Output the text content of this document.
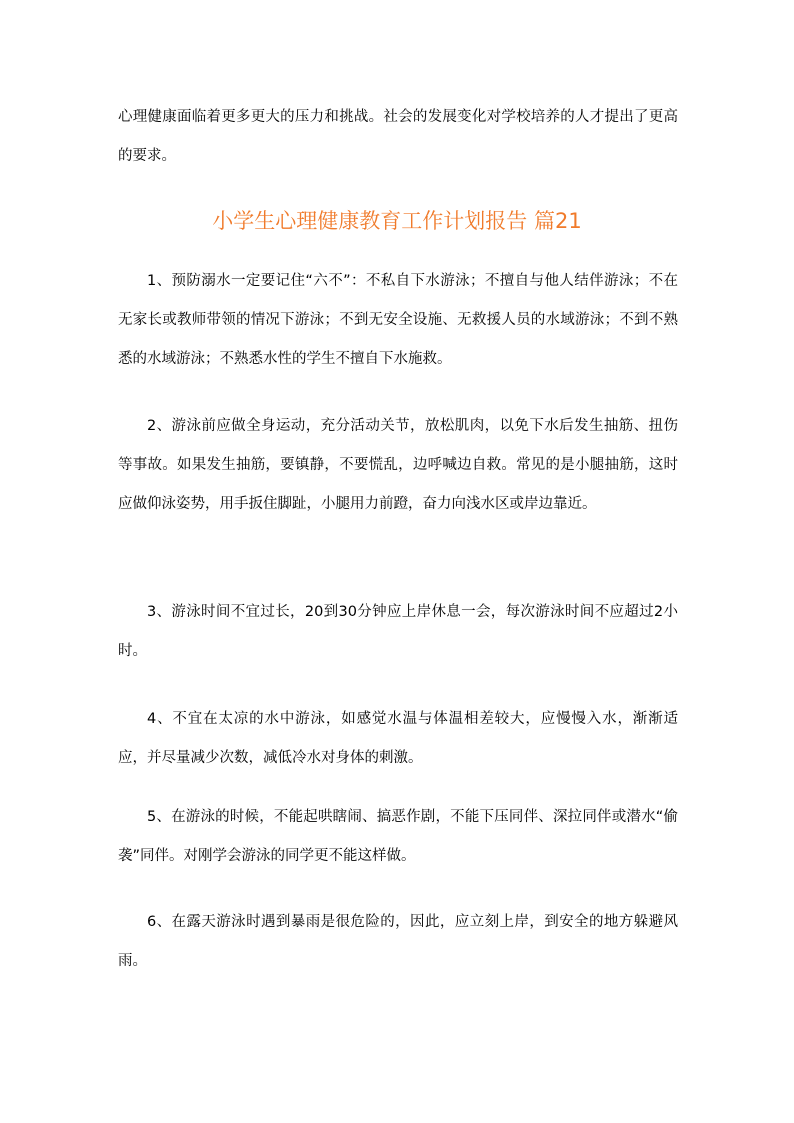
心理健康面临着更多更大的压力和挑战。社会的发展变化对学校培养的人才提出了更高的要求。

小学生心理健康教育工作计划报告 篇21

1、预防溺水一定要记住“六不”：不私自下水游泳；不擅自与他人结伴游泳；不在无家长或教师带领的情况下游泳；不到无安全设施、无救援人员的水域游泳；不到不熟悉的水域游泳；不熟悉水性的学生不擅自下水施救。

2、游泳前应做全身运动，充分活动关节，放松肌肉，以免下水后发生抽筋、扭伤等事故。如果发生抽筋，要镇静，不要慌乱，边呼喊边自救。常见的是小腿抽筋，这时应做仰泳姿势，用手扳住脚趾，小腿用力前蹬，奋力向浅水区或岸边靠近。

3、游泳时间不宜过长，20到30分钟应上岸休息一会，每次游泳时间不应超过2小时。

4、不宜在太凉的水中游泳，如感觉水温与体温相差较大，应慢慢入水，渐渐适应，并尽量减少次数，减低冷水对身体的刺激。

5、在游泳的时候，不能起哄瞎闹、搞恶作剧，不能下压同伴、深拉同伴或潜水“偷袭”同伴。对刚学会游泳的同学更不能这样做。

6、在露天游泳时遇到暴雨是很危险的，因此，应立刻上岸，到安全的地方躲避风雨。
